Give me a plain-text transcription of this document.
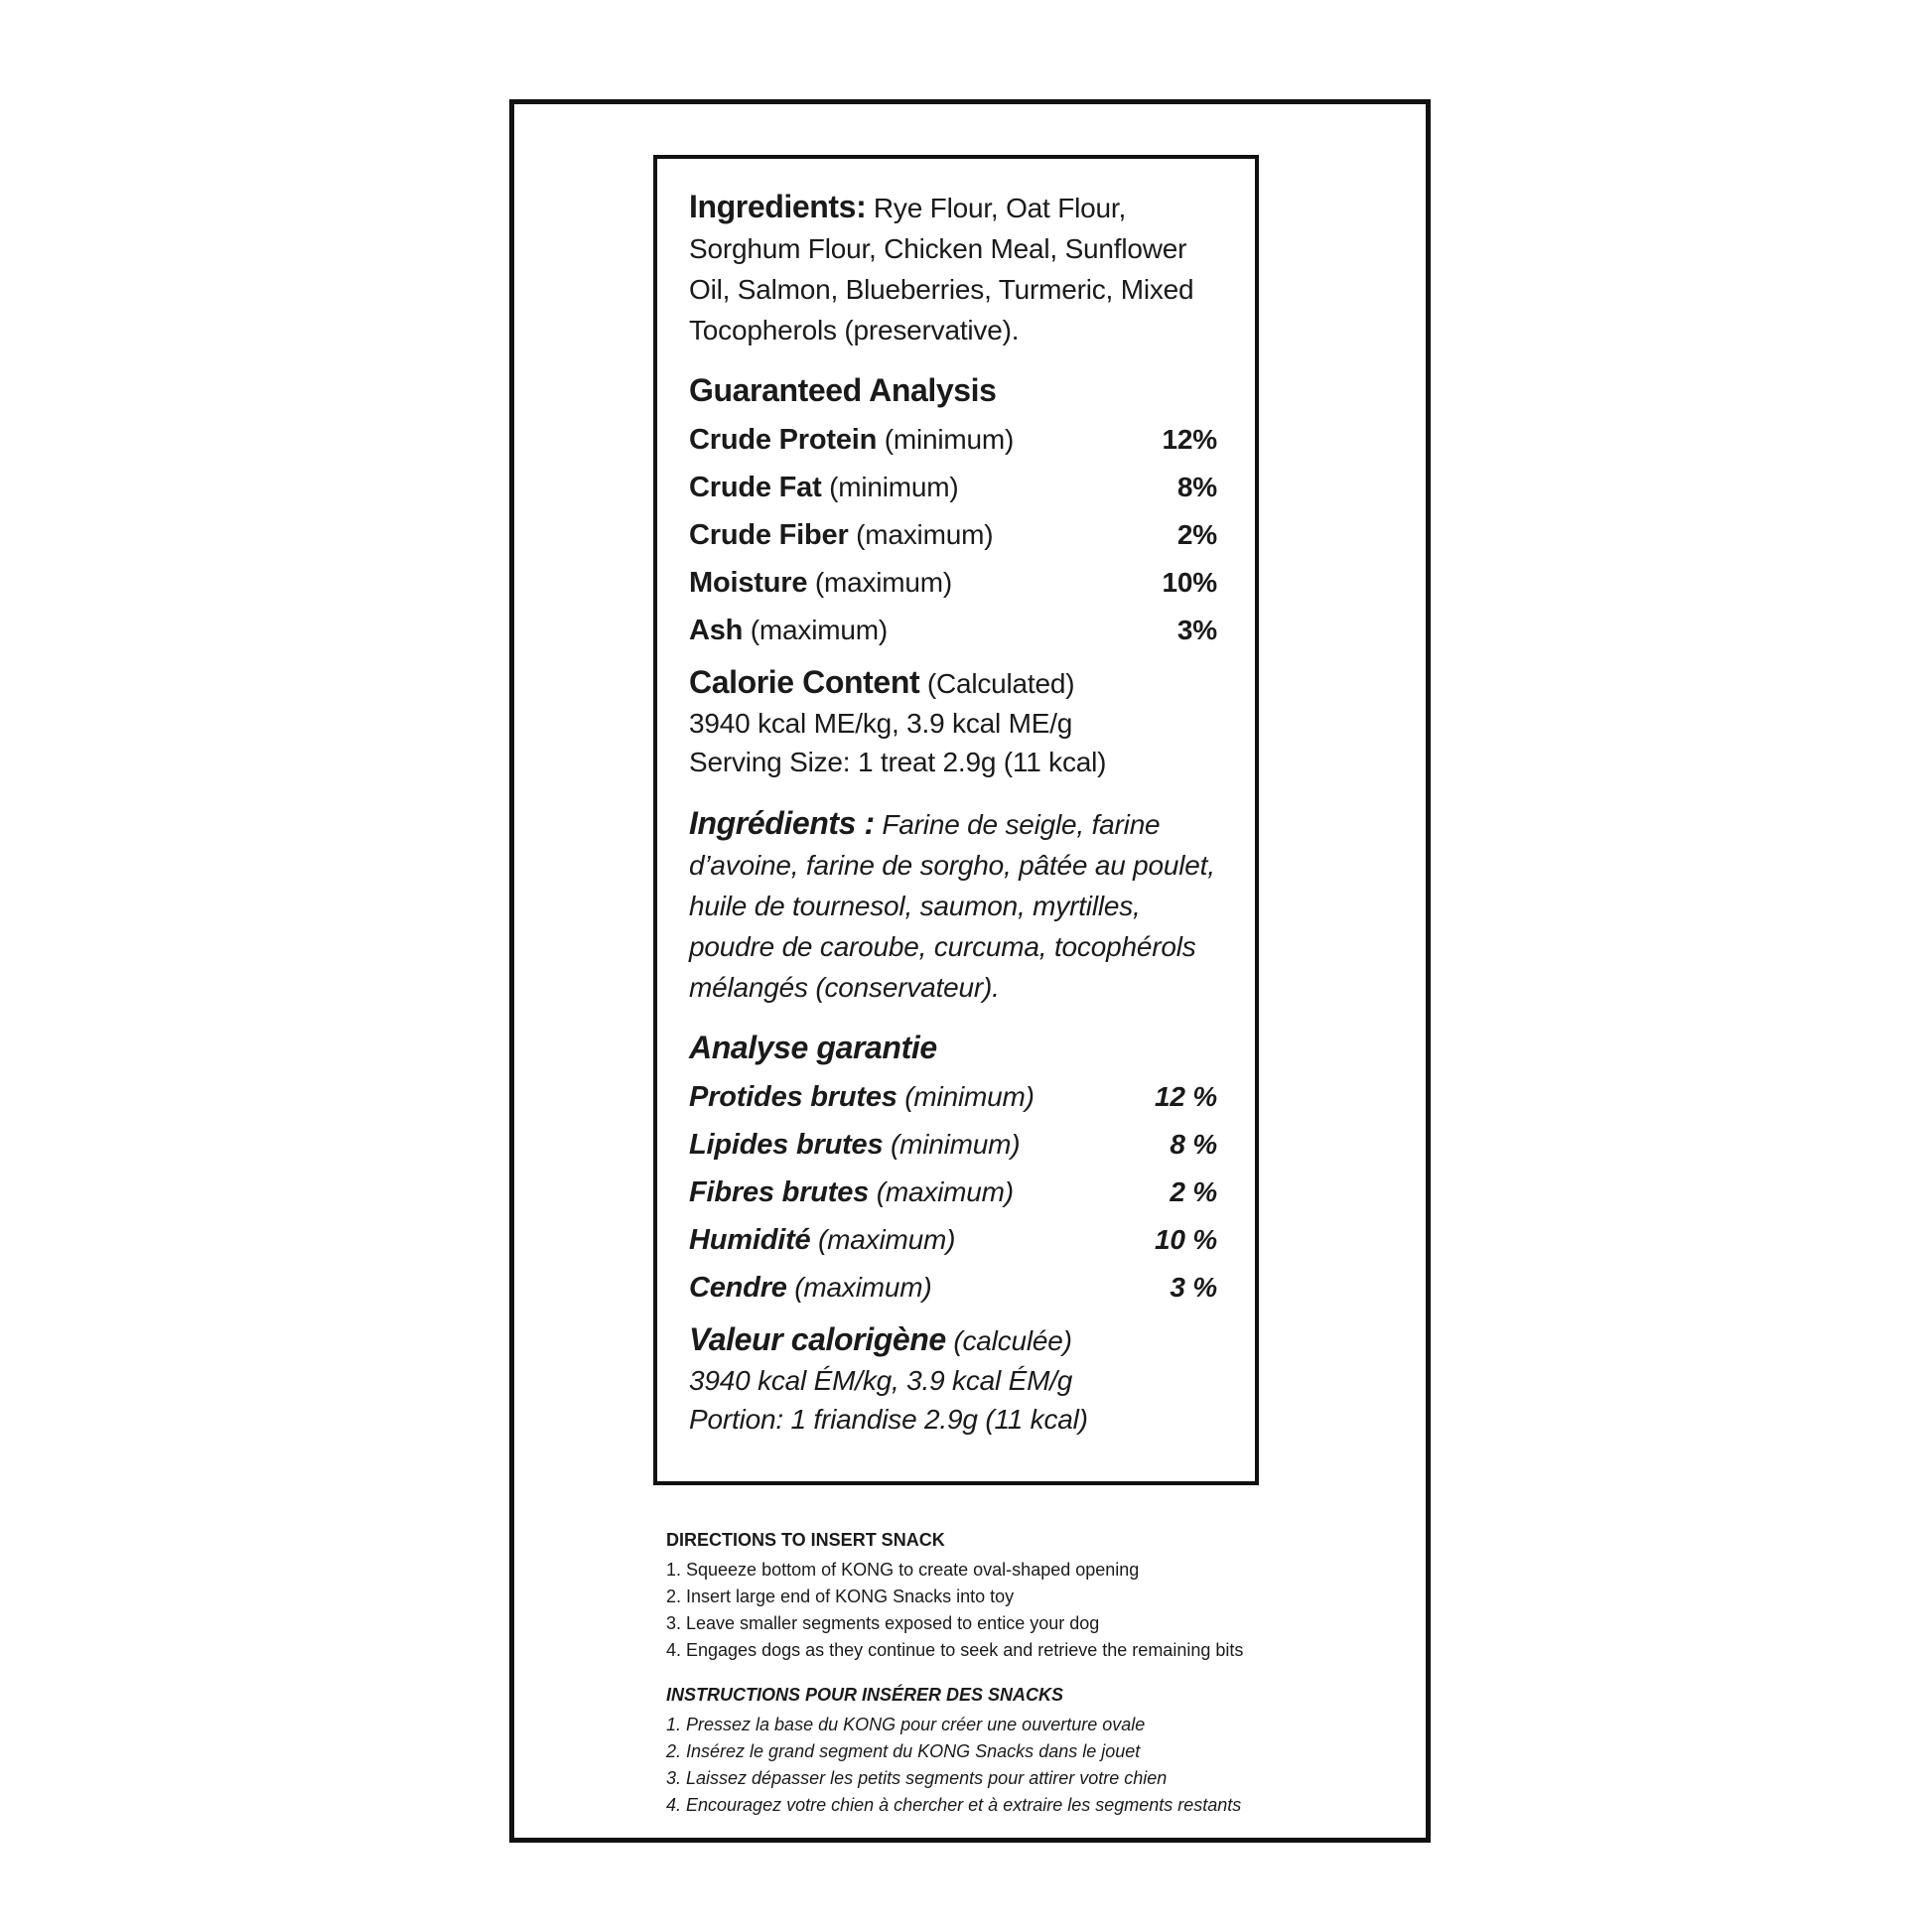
Ingredients: Rye Flour, Oat Flour, Sorghum Flour, Chicken Meal, Sunflower Oil, Salmon, Blueberries, Turmeric, Mixed Tocopherols (preservative).

Guaranteed Analysis

Crude Protein (minimum)	12%
Crude Fat (minimum)	8%
Crude Fiber (maximum)	2%
Moisture (maximum)	10%
Ash (maximum)	3%

Calorie Content (Calculated)

3940 kcal ME/kg, 3.9 kcal ME/g

Serving Size: 1 treat 2.9g (11 kcal)

Ingrédients : Farine de seigle, farine d’avoine, farine de sorgho, pâtée au poulet, huile de tournesol, saumon, myrtilles, poudre de caroube, curcuma, tocophérols mélangés (conservateur).

Analyse garantie

Protides brutes (minimum)	12 %
Lipides brutes (minimum)	8 %
Fibres brutes (maximum)	2 %
Humidité (maximum)	10 %
Cendre (maximum)	3 %

Valeur calorigène (calculée)

3940 kcal ÉM/kg, 3.9 kcal ÉM/g

Portion: 1 friandise 2.9g (11 kcal)

DIRECTIONS TO INSERT SNACK

1. Squeeze bottom of KONG to create oval-shaped opening
2. Insert large end of KONG Snacks into toy
3. Leave smaller segments exposed to entice your dog
4. Engages dogs as they continue to seek and retrieve the remaining bits

INSTRUCTIONS POUR INSÉRER DES SNACKS

1. Pressez la base du KONG pour créer une ouverture ovale
2. Insérez le grand segment du KONG Snacks dans le jouet
3. Laissez dépasser les petits segments pour attirer votre chien
4. Encouragez votre chien à chercher et à extraire les segments restants
